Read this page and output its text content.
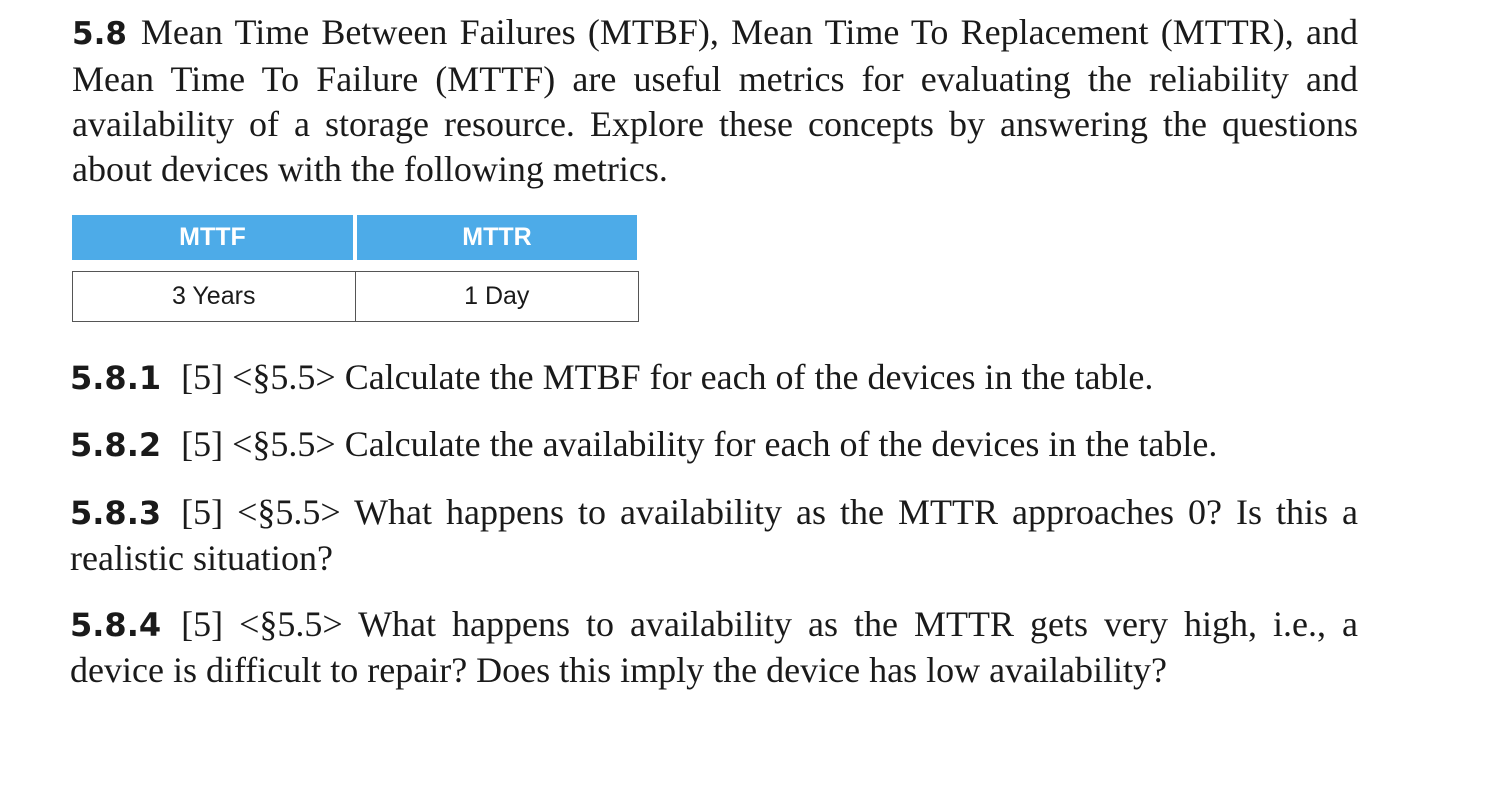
5.8 Mean Time Between Failures (MTBF), Mean Time To Replacement (MTTR), and Mean Time To Failure (MTTF) are useful metrics for evaluating the reliability and availability of a storage resource. Explore these concepts by answering the questions about devices with the following metrics.

MTTF	MTTR
3 Years	1 Day

5.8.1 [5] <§5.5> Calculate the MTBF for each of the devices in the table.

5.8.2 [5] <§5.5> Calculate the availability for each of the devices in the table.

5.8.3 [5] <§5.5> What happens to availability as the MTTR approaches 0? Is this a realistic situation?

5.8.4 [5] <§5.5> What happens to availability as the MTTR gets very high, i.e., a device is difficult to repair? Does this imply the device has low availability?
